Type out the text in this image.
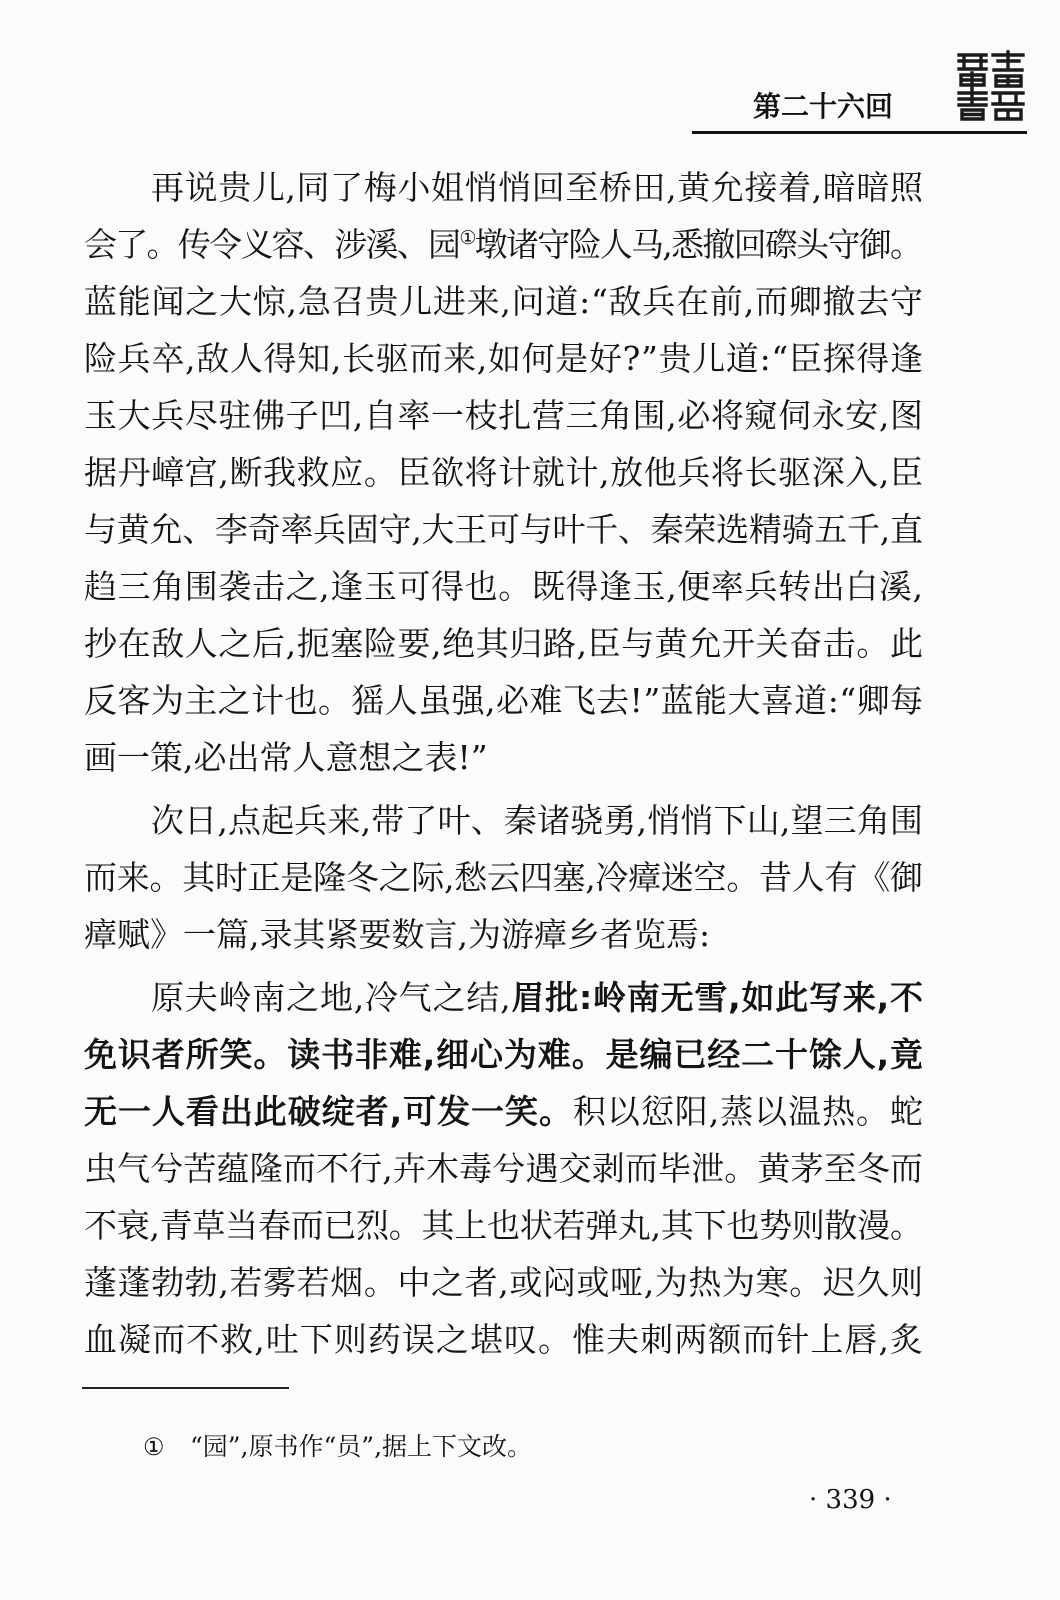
第二十六回
再说贵儿,同了梅小姐悄悄回至桥田,黄允接着,暗暗照
会了。传令义容、涉溪、园①墩诸守险人马,悉撤回磜头守御。
蓝能闻之大惊,急召贵儿进来,问道:“敌兵在前,而卿撤去守
险兵卒,敌人得知,长驱而来,如何是好?”贵儿道:“臣探得逢
玉大兵尽驻佛子凹,自率一枝扎营三角围,必将窥伺永安,图
据丹嶂宫,断我救应。臣欲将计就计,放他兵将长驱深入,臣
与黄允、李奇率兵固守,大王可与叶千、秦荣选精骑五千,直
趋三角围袭击之,逢玉可得也。既得逢玉,便率兵转出白溪,
抄在敌人之后,扼塞险要,绝其归路,臣与黄允开关奋击。此
反客为主之计也。猺人虽强,必难飞去!”蓝能大喜道:“卿每
画一策,必出常人意想之表!”
次日,点起兵来,带了叶、秦诸骁勇,悄悄下山,望三角围
而来。其时正是隆冬之际,愁云四塞,冷瘴迷空。昔人有《御
瘴赋》一篇,录其紧要数言,为游瘴乡者览焉:
原夫岭南之地,冷气之结,眉批:岭南无雪,如此写来,不
免识者所笑。读书非难,细心为难。是编已经二十馀人,竟
无一人看出此破绽者,可发一笑。积以愆阳,蒸以温热。蛇
虫气兮苦蕴隆而不行,卉木毒兮遇交剥而毕泄。黄茅至冬而
不衰,青草当春而已烈。其上也状若弹丸,其下也势则散漫。
蓬蓬勃勃,若雾若烟。中之者,或闷或哑,为热为寒。迟久则
血凝而不救,吐下则药误之堪叹。惟夫刺两额而针上唇,炙
① “园”,原书作“员”,据上下文改。
· 339 ·
